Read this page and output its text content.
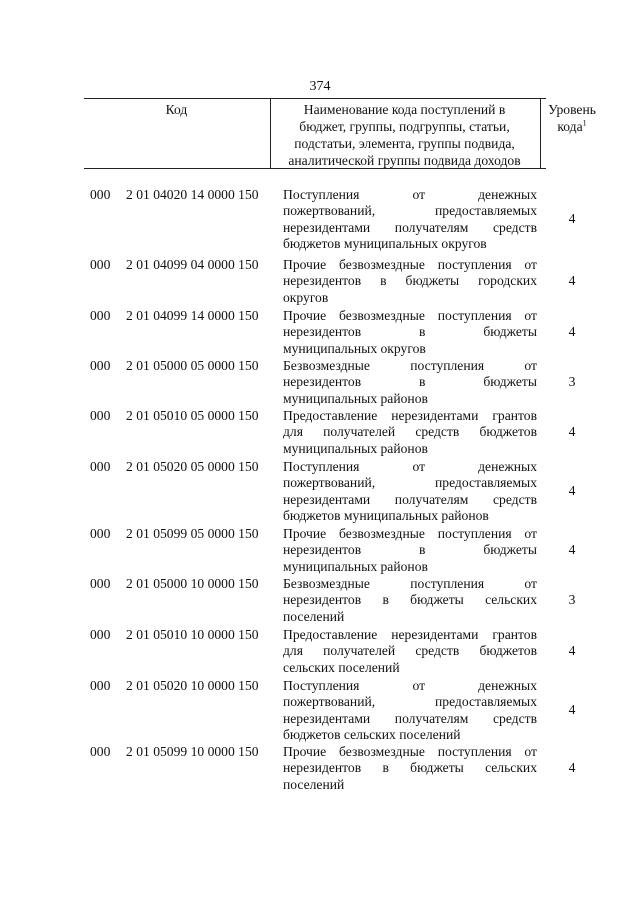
374
Код	Наименование кода поступлений в
бюджет, группы, подгруппы, статьи,
подстатьи, элемента, группы подвида,
аналитической группы подвида доходов
Уровень
кода$^1$
000 2 01 04020 14 0000 150 Поступления от денежных
пожертвований, предоставляемых
нерезидентами получателям средств
бюджетов муниципальных округов
4
000 2 01 04099 04 0000 150 Прочие безвозмездные поступления от
нерезидентов в бюджеты городских
округов
4
000 2 01 04099 14 0000 150 Прочие безвозмездные поступления от
нерезидентов в бюджеты
муниципальных округов
4
000 2 01 05000 05 0000 150 Безвозмездные поступления от
нерезидентов в бюджеты
муниципальных районов
3
000 2 01 05010 05 0000 150 Предоставление нерезидентами грантов
для получателей средств бюджетов
муниципальных районов
4
000 2 01 05020 05 0000 150 Поступления от денежных
пожертвований, предоставляемых
нерезидентами получателям средств
бюджетов муниципальных районов
4
000 2 01 05099 05 0000 150 Прочие безвозмездные поступления от
нерезидентов в бюджеты
муниципальных районов
4
000 2 01 05000 10 0000 150 Безвозмездные поступления от
нерезидентов в бюджеты сельских
поселений
3
000 2 01 05010 10 0000 150 Предоставление нерезидентами грантов
для получателей средств бюджетов
сельских поселений
4
000 2 01 05020 10 0000 150 Поступления от денежных
пожертвований, предоставляемых
нерезидентами получателям средств
бюджетов сельских поселений
4
000 2 01 05099 10 0000 150 Прочие безвозмездные поступления от
нерезидентов в бюджеты сельских
поселений
4
